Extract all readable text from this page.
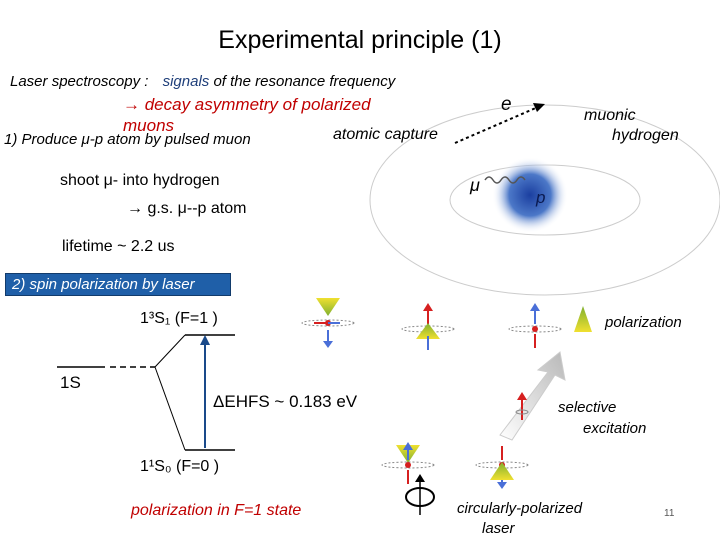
Experimental principle (1)
Laser spectroscopy : signals of the resonance frequency
→ decay asymmetry of polarized
muons
1) Produce μ-p atom by pulsed muon
shoot μ- into hydrogen
→ g.s. μ--p atom
lifetime ~ 2.2 us
2) spin polarization by laser
e
muonic
hydrogen
atomic capture
μ
p
1³S₁ (F=1 )
1S
1¹S₀ (F=0 )
ΔEHFS ~ 0.183 eV
polarization in F=1 state
polarization
selective
excitation
circularly-polarized
laser
11
